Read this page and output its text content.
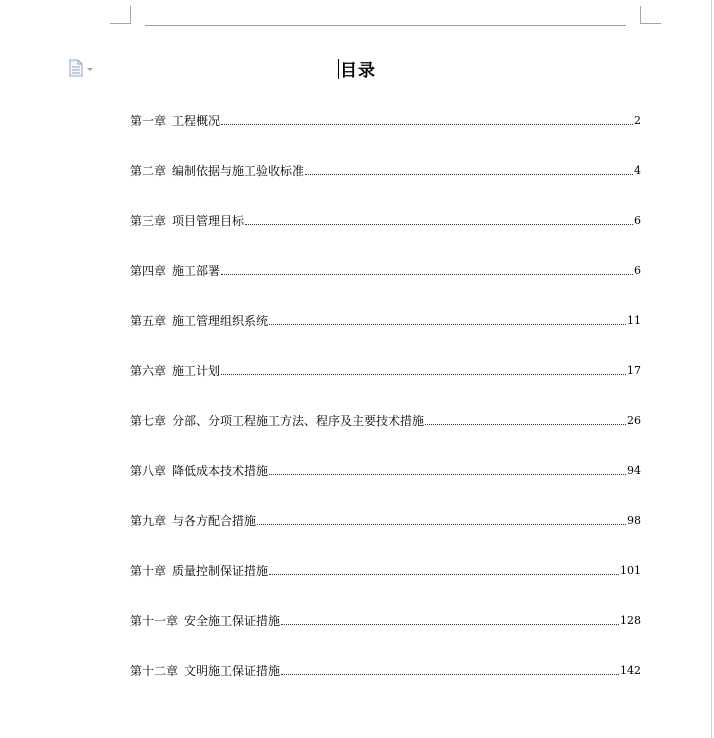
目录
第一章 工程概况	2
第二章 编制依据与施工验收标准	4
第三章 项目管理目标	6
第四章 施工部署	6
第五章 施工管理组织系统	11
第六章 施工计划	17
第七章 分部、分项工程施工方法、程序及主要技术措施	26
第八章 降低成本技术措施	94
第九章 与各方配合措施	98
第十章 质量控制保证措施	101
第十一章 安全施工保证措施	128
第十二章 文明施工保证措施	142
